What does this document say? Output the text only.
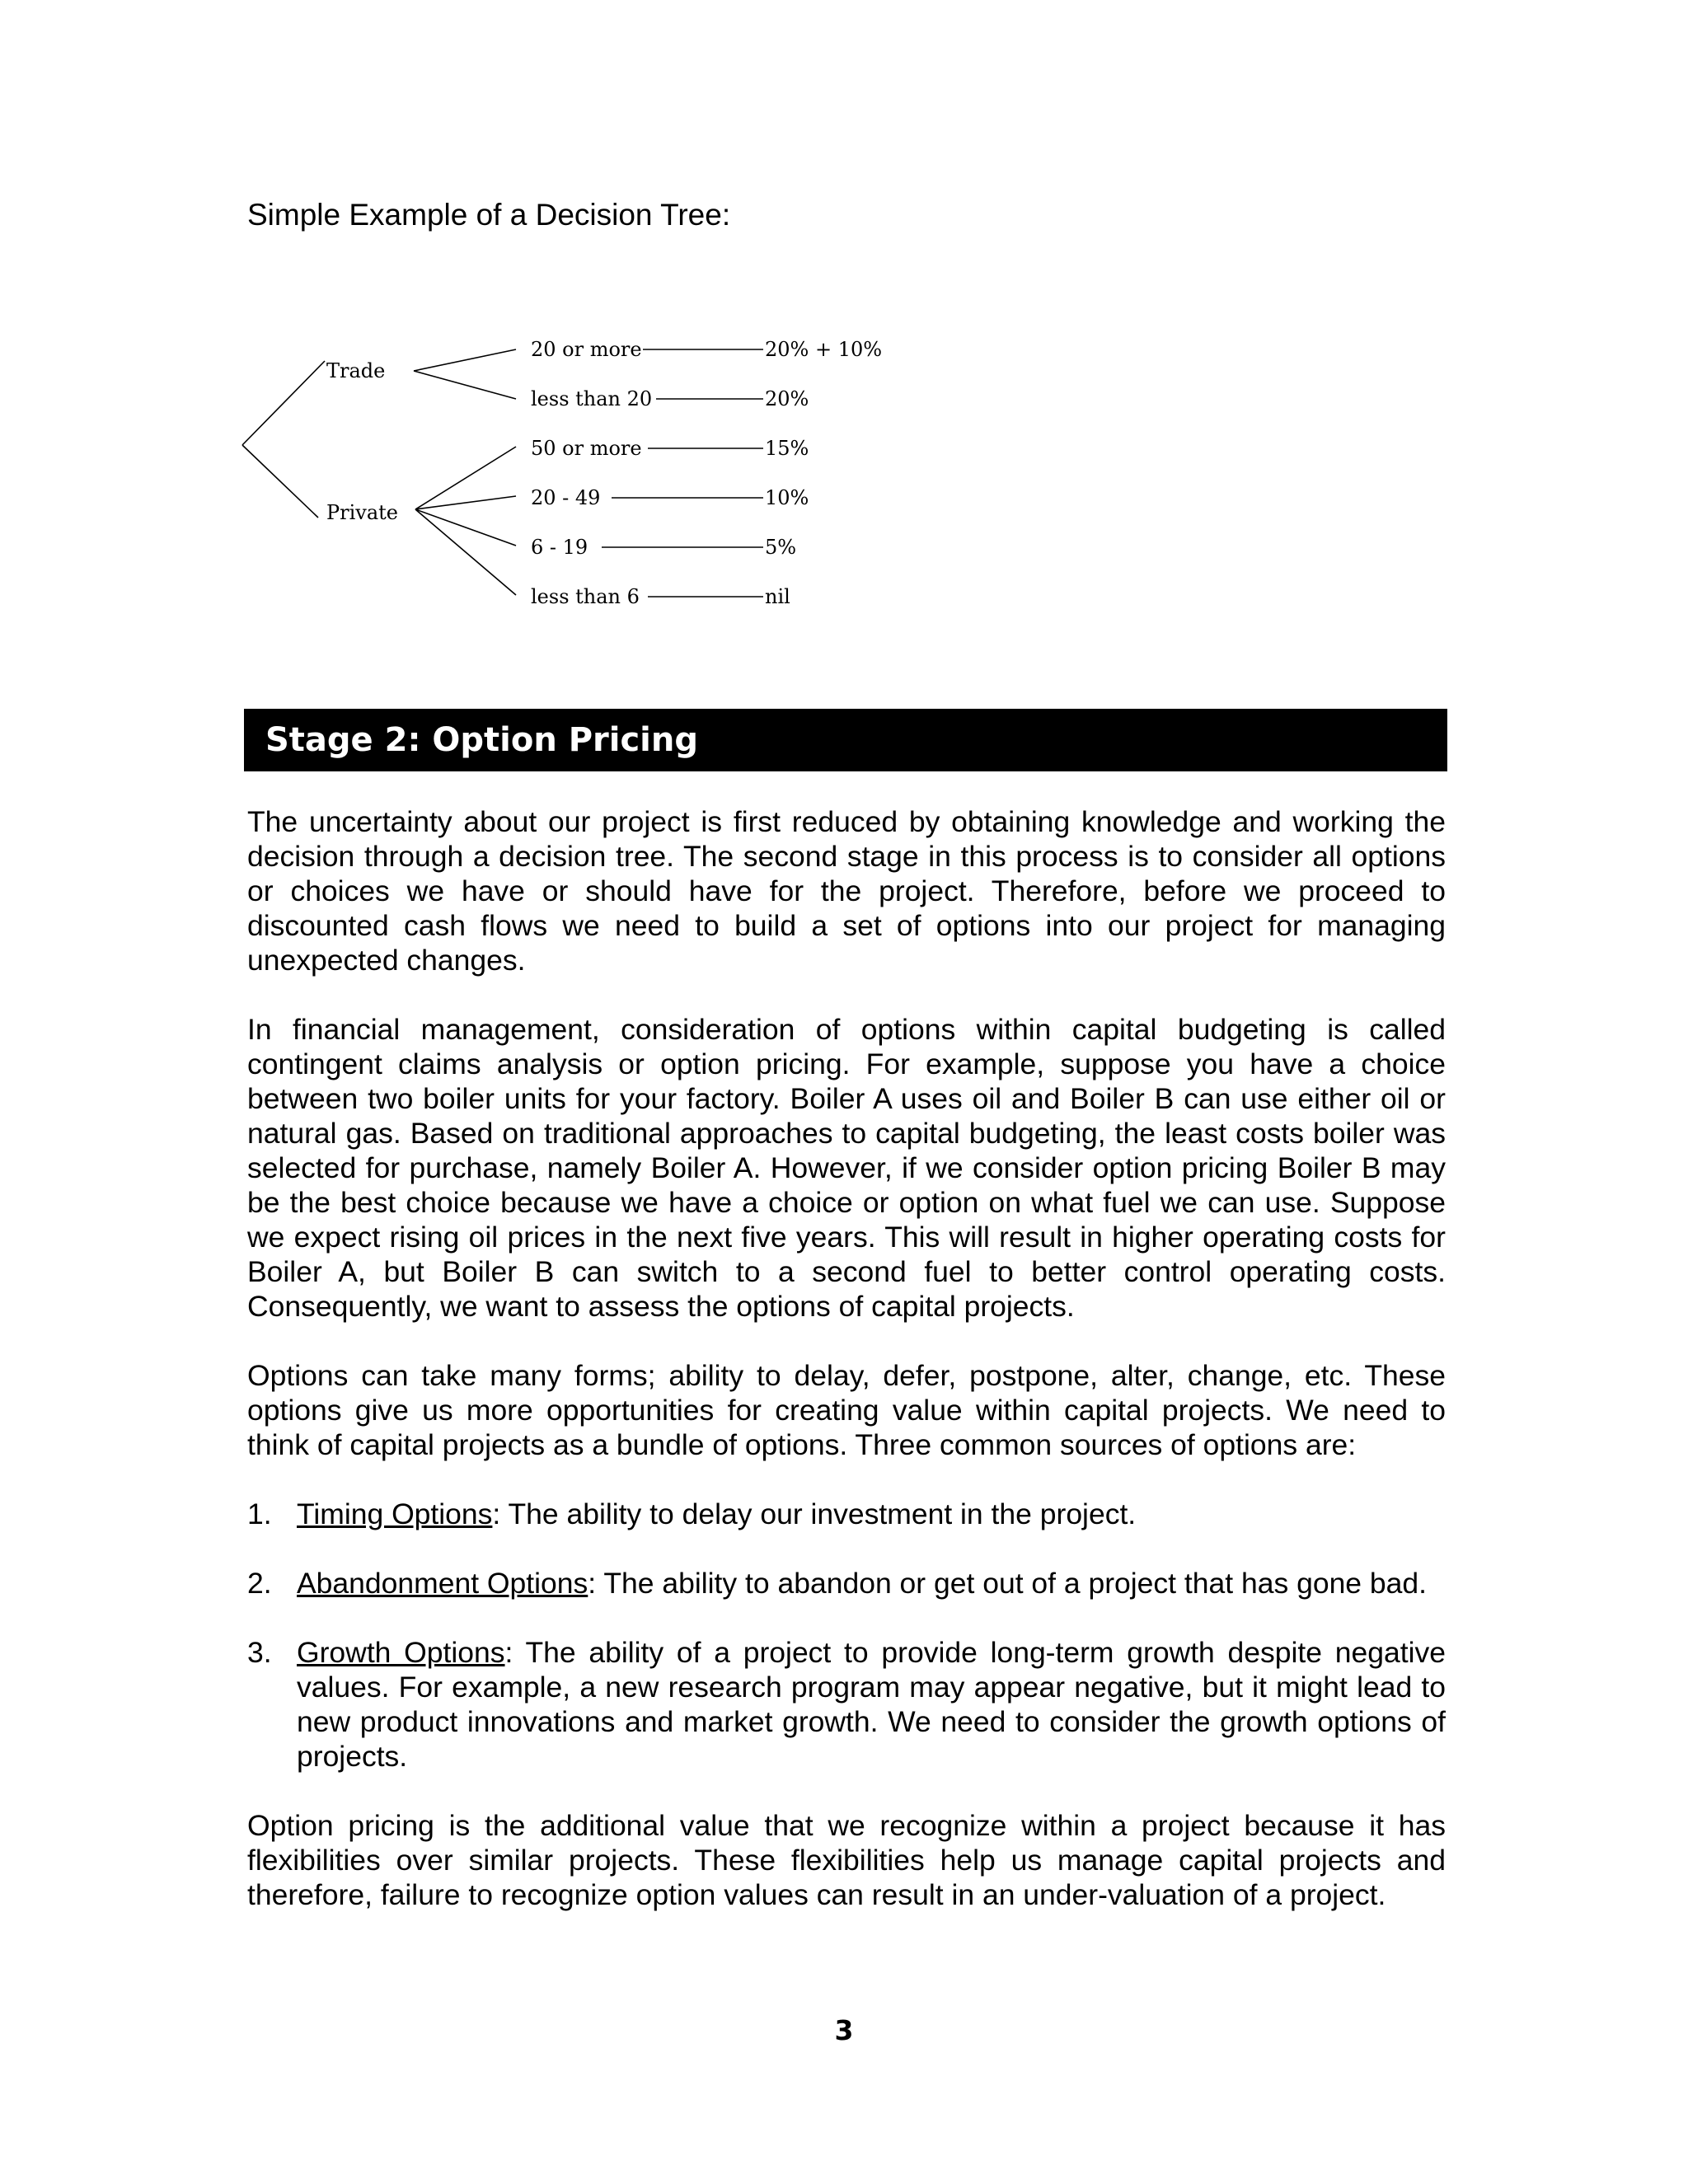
Simple Example of a Decision Tree:

Trade
Private
20 or more
less than 20
50 or more
20 - 49
6 - 19
less than 6
20% + 10%
20%
15%
10%
5%
nil
Stage 2: Option Pricing

The uncertainty about our project is first reduced by obtaining knowledge and working the decision through a decision tree. The second stage in this process is to consider all options or choices we have or should have for the project. Therefore, before we proceed to discounted cash flows we need to build a set of options into our project for managing unexpected changes.

In financial management, consideration of options within capital budgeting is called contingent claims analysis or option pricing. For example, suppose you have a choice between two boiler units for your factory. Boiler A uses oil and Boiler B can use either oil or natural gas. Based on traditional approaches to capital budgeting, the least costs boiler was selected for purchase, namely Boiler A. However, if we consider option pricing Boiler B may be the best choice because we have a choice or option on what fuel we can use. Suppose we expect rising oil prices in the next five years. This will result in higher operating costs for Boiler A, but Boiler B can switch to a second fuel to better control operating costs. Consequently, we want to assess the options of capital projects.

Options can take many forms; ability to delay, defer, postpone, alter, change, etc. These options give us more opportunities for creating value within capital projects. We need to think of capital projects as a bundle of options. Three common sources of options are:

1. Timing Options: The ability to delay our investment in the project.
2. Abandonment Options: The ability to abandon or get out of a project that has gone bad.
3. Growth Options: The ability of a project to provide long-term growth despite negative values. For example, a new research program may appear negative, but it might lead to new product innovations and market growth. We need to consider the growth options of projects.

Option pricing is the additional value that we recognize within a project because it has flexibilities over similar projects. These flexibilities help us manage capital projects and therefore, failure to recognize option values can result in an under-valuation of a project.

3
